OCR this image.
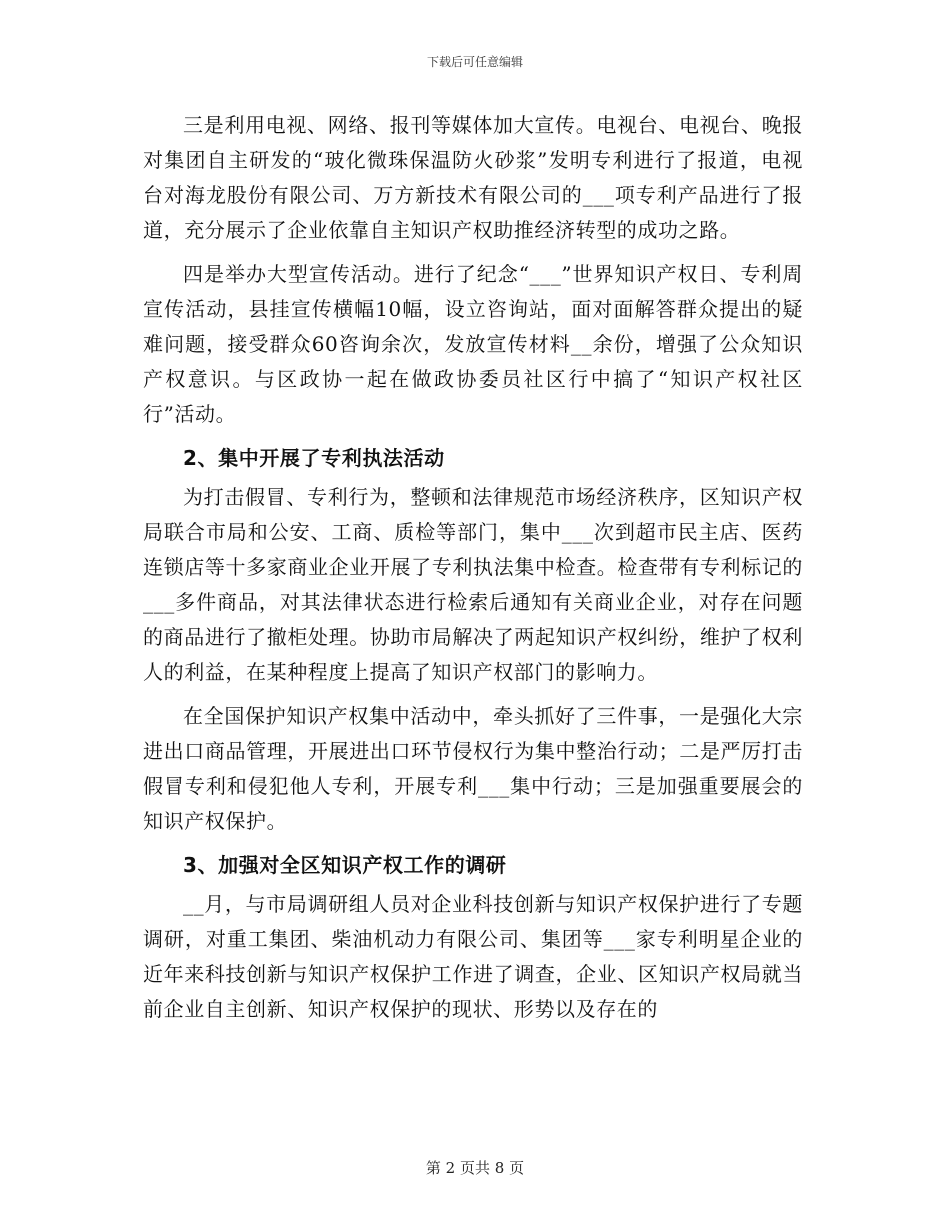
下载后可任意编辑

三是利用电视、网络、报刊等媒体加大宣传。电视台、电视台、晚报对集团自主研发的“玻化微珠保温防火砂浆”发明专利进行了报道，电视台对海龙股份有限公司、万方新技术有限公司的___项专利产品进行了报道，充分展示了企业依靠自主知识产权助推经济转型的成功之路。

四是举办大型宣传活动。进行了纪念“___”世界知识产权日、专利周宣传活动，县挂宣传横幅10幅，设立咨询站，面对面解答群众提出的疑难问题，接受群众60咨询余次，发放宣传材料__余份，增强了公众知识产权意识。与区政协一起在做政协委员社区行中搞了“知识产权社区行”活动。

2、集中开展了专利执法活动

为打击假冒、专利行为，整顿和法律规范市场经济秩序，区知识产权局联合市局和公安、工商、质检等部门，集中___次到超市民主店、医药连锁店等十多家商业企业开展了专利执法集中检查。检查带有专利标记的___多件商品，对其法律状态进行检索后通知有关商业企业，对存在问题的商品进行了撤柜处理。协助市局解决了两起知识产权纠纷，维护了权利人的利益，在某种程度上提高了知识产权部门的影响力。

在全国保护知识产权集中活动中，牵头抓好了三件事，一是强化大宗进出口商品管理，开展进出口环节侵权行为集中整治行动；二是严厉打击假冒专利和侵犯他人专利，开展专利___集中行动；三是加强重要展会的知识产权保护。

3、加强对全区知识产权工作的调研

__月，与市局调研组人员对企业科技创新与知识产权保护进行了专题调研，对重工集团、柴油机动力有限公司、集团等___家专利明星企业的近年来科技创新与知识产权保护工作进了调查，企业、区知识产权局就当前企业自主创新、知识产权保护的现状、形势以及存在的

第 2 页共 8 页
